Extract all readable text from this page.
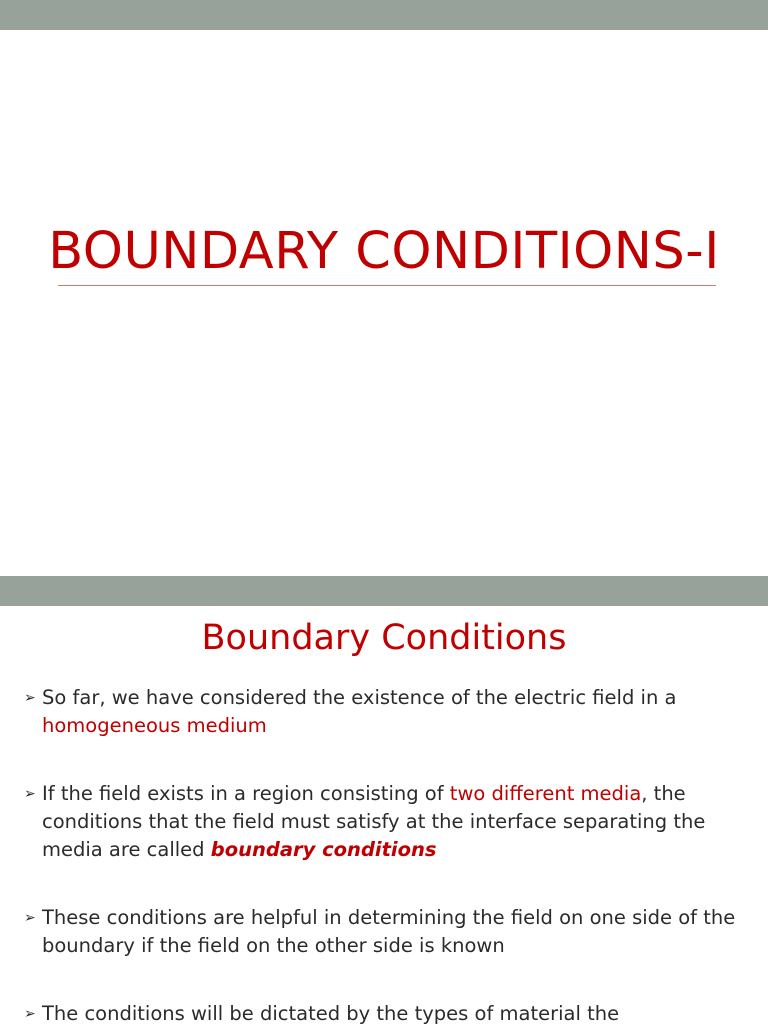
BOUNDARY CONDITIONS-I
Boundary Conditions
➢ So far, we have considered the existence of the electric field in a homogeneous medium
➢ If the field exists in a region consisting of two different media, the conditions that the field must satisfy at the interface separating the media are called boundary conditions
➢ These conditions are helpful in determining the field on one side of the boundary if the field on the other side is known
➢ The conditions will be dictated by the types of material the
